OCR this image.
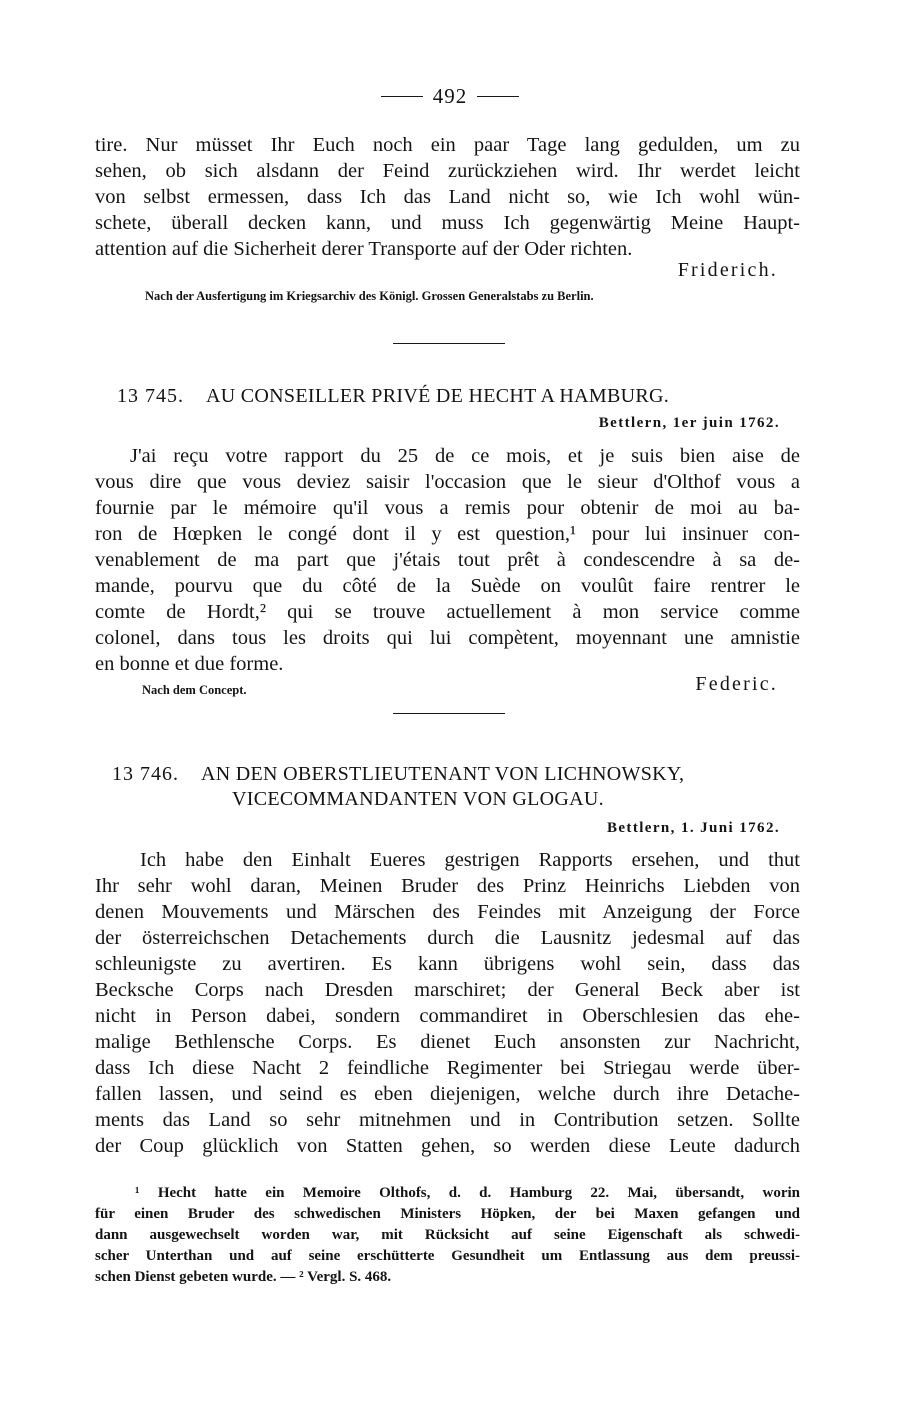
492
tire. Nur müsset Ihr Euch noch ein paar Tage lang gedulden, um zu
sehen, ob sich alsdann der Feind zurückziehen wird. Ihr werdet leicht
von selbst ermessen, dass Ich das Land nicht so, wie Ich wohl wün-
schete, überall decken kann, und muss Ich gegenwärtig Meine Haupt-
attention auf die Sicherheit derer Transporte auf der Oder richten.
Friderich.
Nach der Ausfertigung im Kriegsarchiv des Königl. Grossen Generalstabs zu Berlin.
13 745. AU CONSEILLER PRIVÉ DE HECHT A HAMBURG.
Bettlern, 1er juin 1762.
J'ai reçu votre rapport du 25 de ce mois, et je suis bien aise de
vous dire que vous deviez saisir l'occasion que le sieur d'Olthof vous a
fournie par le mémoire qu'il vous a remis pour obtenir de moi au ba-
ron de Hœpken le congé dont il y est question,¹ pour lui insinuer con-
venablement de ma part que j'étais tout prêt à condescendre à sa de-
mande, pourvu que du côté de la Suède on voulût faire rentrer le
comte de Hordt,² qui se trouve actuellement à mon service comme
colonel, dans tous les droits qui lui compètent, moyennant une amnistie
en bonne et due forme.
Nach dem Concept.	Federic.
13 746. AN DEN OBERSTLIEUTENANT VON LICHNOWSKY,
VICECOMMANDANTEN VON GLOGAU.
Bettlern, 1. Juni 1762.
Ich habe den Einhalt Eueres gestrigen Rapports ersehen, und thut
Ihr sehr wohl daran, Meinen Bruder des Prinz Heinrichs Liebden von
denen Mouvements und Märschen des Feindes mit Anzeigung der Force
der österreichschen Detachements durch die Lausnitz jedesmal auf das
schleunigste zu avertiren. Es kann übrigens wohl sein, dass das
Becksche Corps nach Dresden marschiret; der General Beck aber ist
nicht in Person dabei, sondern commandiret in Oberschlesien das ehe-
malige Bethlensche Corps. Es dienet Euch ansonsten zur Nachricht,
dass Ich diese Nacht 2 feindliche Regimenter bei Striegau werde über-
fallen lassen, und seind es eben diejenigen, welche durch ihre Detache-
ments das Land so sehr mitnehmen und in Contribution setzen. Sollte
der Coup glücklich von Statten gehen, so werden diese Leute dadurch
¹ Hecht hatte ein Memoire Olthofs, d. d. Hamburg 22. Mai, übersandt, worin
für einen Bruder des schwedischen Ministers Höpken, der bei Maxen gefangen und
dann ausgewechselt worden war, mit Rücksicht auf seine Eigenschaft als schwedi-
scher Unterthan und auf seine erschütterte Gesundheit um Entlassung aus dem preussi-
schen Dienst gebeten wurde. — ² Vergl. S. 468.
